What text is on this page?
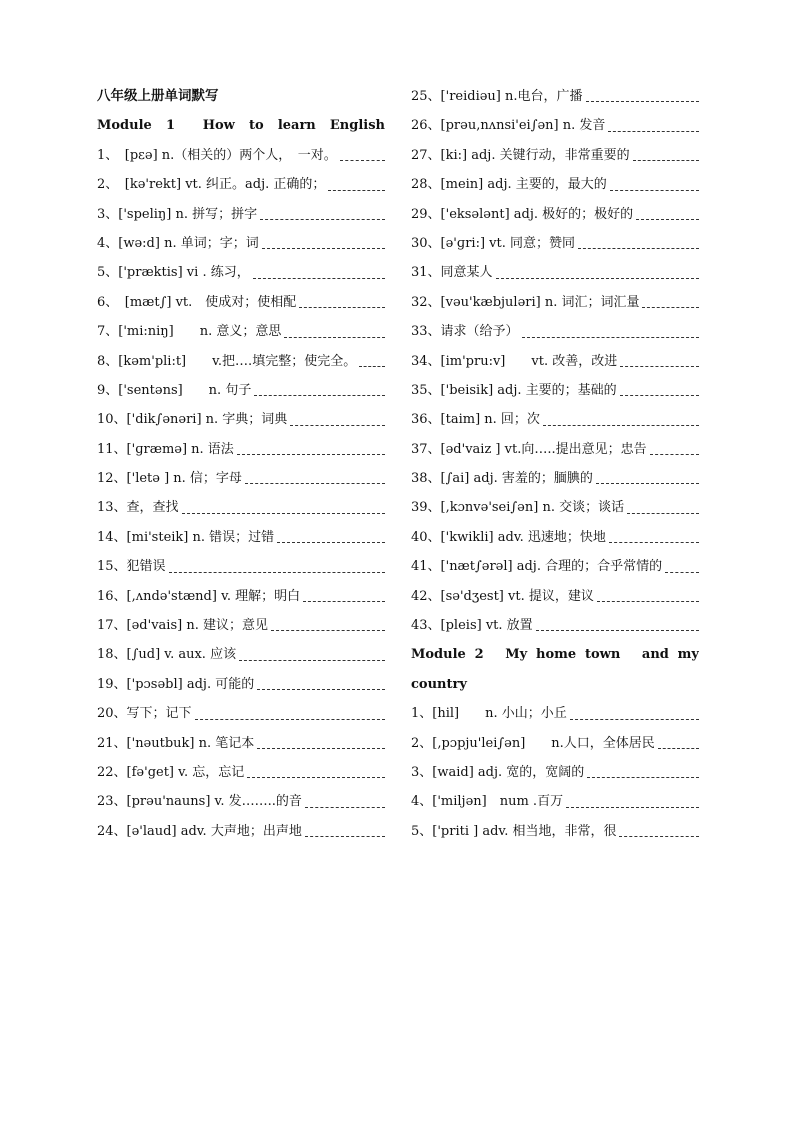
八年级上册单词默写
Module　1　　How　to　learn　English
1、　[pεə] n.（相关的）两个人，　一对。
2、　[kə'rekt] vt. 纠正。adj. 正确的；
3、['speliŋ] n. 拼写；拼字
4、[wə:d] n. 单词；字；词
5、['præktis] vi . 练习，
6、　[mæt∫] vt.　使成对；使相配
7、['mi:niŋ]　　n. 意义；意思
8、[kəm'pli:t]　　v.把….填完整；使完全。
9、['sentəns]　　n. 句子
10、['dik∫ənəri] n. 字典；词典
11、['ɡræmə] n. 语法
12、['letə ] n. 信；字母
13、查，查找
14、[mi'steik] n. 错误；过错
15、犯错误
16、[,ʌndə'stænd] v. 理解；明白
17、[əd'vais] n. 建议；意见
18、[∫ud] v. aux. 应该
19、['pɔsəbl] adj. 可能的
20、写下；记下
21、['nəutbuk] n. 笔记本
22、[fə'get] v. 忘，忘记
23、[prəu'nauns] v. 发……..的音
24、[ə'laud] adv. 大声地；出声地
25、['reidiəu] n.电台，广播
26、[prəu,nʌnsi'ei∫ən] n. 发音
27、[ki:] adj. 关键行动，非常重要的
28、[mein] adj. 主要的，最大的
29、['eksələnt] adj. 极好的；极好的
30、[ə'ɡri:] vt. 同意；赞同
31、同意某人
32、[vəu'kæbjuləri] n. 词汇；词汇量
33、请求（给予）
34、[im'pru:v]　　vt. 改善，改进
35、['beisik] adj. 主要的；基础的
36、[taim] n. 回；次
37、[əd'vaiz ] vt.向…..提出意见；忠告
38、[∫ai] adj. 害羞的；腼腆的
39、[,kɔnvə'sei∫ən] n. 交谈；谈话
40、['kwikli] adv. 迅速地；快地
41、['næt∫ərəl] adj. 合理的；合乎常情的
42、[sə'dʒest] vt. 提议，建议
43、[pleis] vt. 放置
Module 2　My home town　and my
country
1、[hil]　　n. 小山；小丘
2、[,pɔpju'lei∫ən]　　n.人口，全体居民
3、[waid] adj. 宽的，宽阔的
4、['miljən]　num .百万
5、['priti ] adv. 相当地，非常，很
